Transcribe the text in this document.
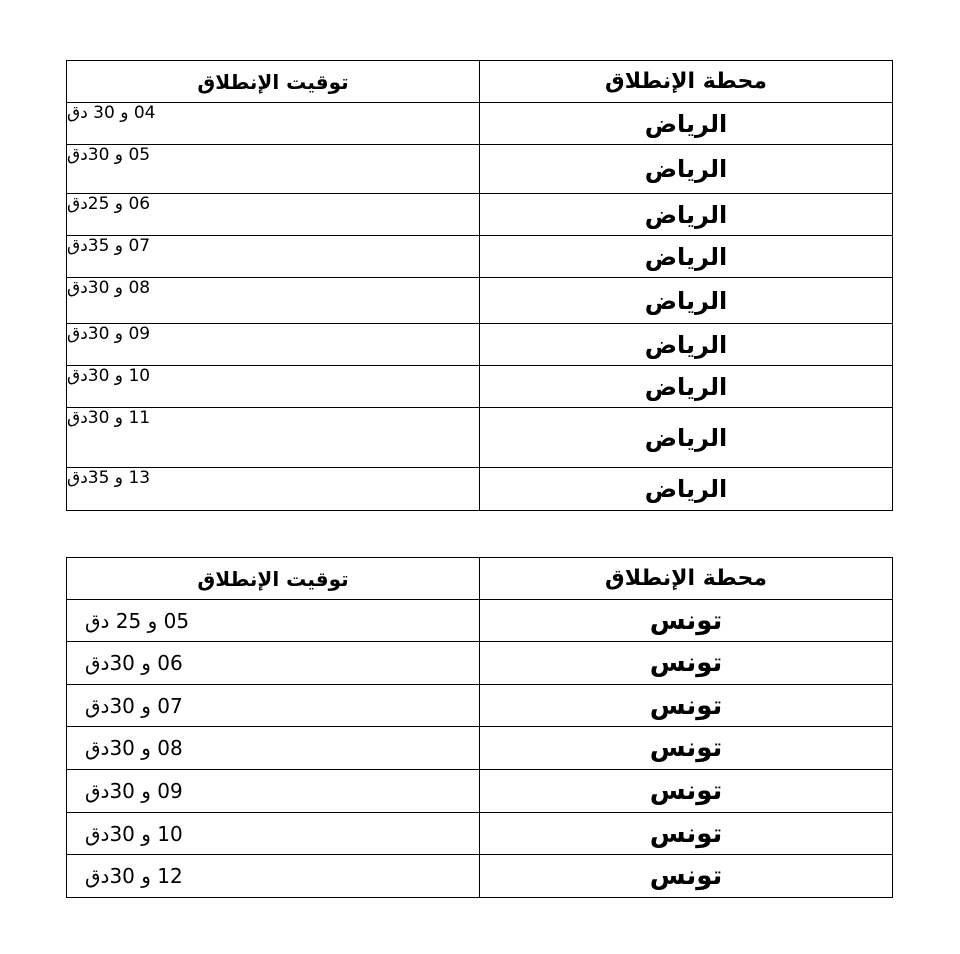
محطة الإنطلاق	توقيت الإنطلاق
الرياض	04 و 30 دق
الرياض	05 و 30دق
الرياض	06 و 25دق
الرياض	07 و 35دق
الرياض	08 و 30دق
الرياض	09 و 30دق
الرياض	10 و 30دق
الرياض	11 و 30دق
الرياض	13 و 35دق
محطة الإنطلاق	توقيت الإنطلاق
تونس	05 و 25 دق
تونس	06 و 30دق
تونس	07 و 30دق
تونس	08 و 30دق
تونس	09 و 30دق
تونس	10 و 30دق
تونس	12 و 30دق
